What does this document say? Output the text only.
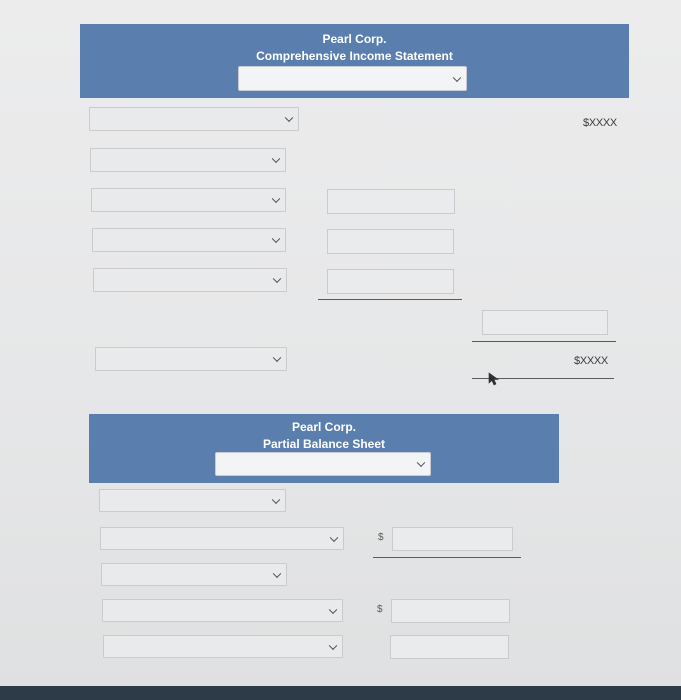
Pearl Corp.
Comprehensive Income Statement
$XXXX
$XXXX
Pearl Corp.
Partial Balance Sheet
$
$
